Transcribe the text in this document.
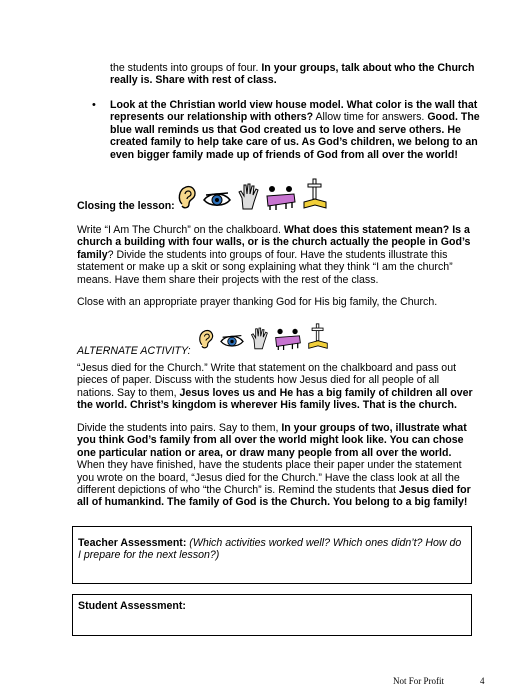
the students into groups of four. In your groups, talk about who the Church really is. Share with rest of class.

• Look at the Christian world view house model. What color is the wall that represents our relationship with others? Allow time for answers. Good. The blue wall reminds us that God created us to love and serve others. He created family to help take care of us. As God’s children, we belong to an even bigger family made up of friends of God from all over the world!

Closing the lesson:

Write “I Am The Church” on the chalkboard. What does this statement mean? Is a church a building with four walls, or is the church actually the people in God’s family? Divide the students into groups of four. Have the students illustrate this statement or make up a skit or song explaining what they think “I am the church” means. Have them share their projects with the rest of the class.

Close with an appropriate prayer thanking God for His big family, the Church.

ALTERNATE ACTIVITY:

“Jesus died for the Church.” Write that statement on the chalkboard and pass out pieces of paper. Discuss with the students how Jesus died for all people of all nations. Say to them, Jesus loves us and He has a big family of children all over the world. Christ’s kingdom is wherever His family lives. That is the church.

Divide the students into pairs. Say to them, In your groups of two, illustrate what you think God’s family from all over the world might look like. You can chose one particular nation or area, or draw many people from all over the world. When they have finished, have the students place their paper under the statement you wrote on the board, “Jesus died for the Church.” Have the class look at all the different depictions of who “the Church” is. Remind the students that Jesus died for all of humankind. The family of God is the Church. You belong to a big family!

Teacher Assessment: (Which activities worked well? Which ones didn’t? How do I prepare for the next lesson?)

Student Assessment:

Not For Profit	4
